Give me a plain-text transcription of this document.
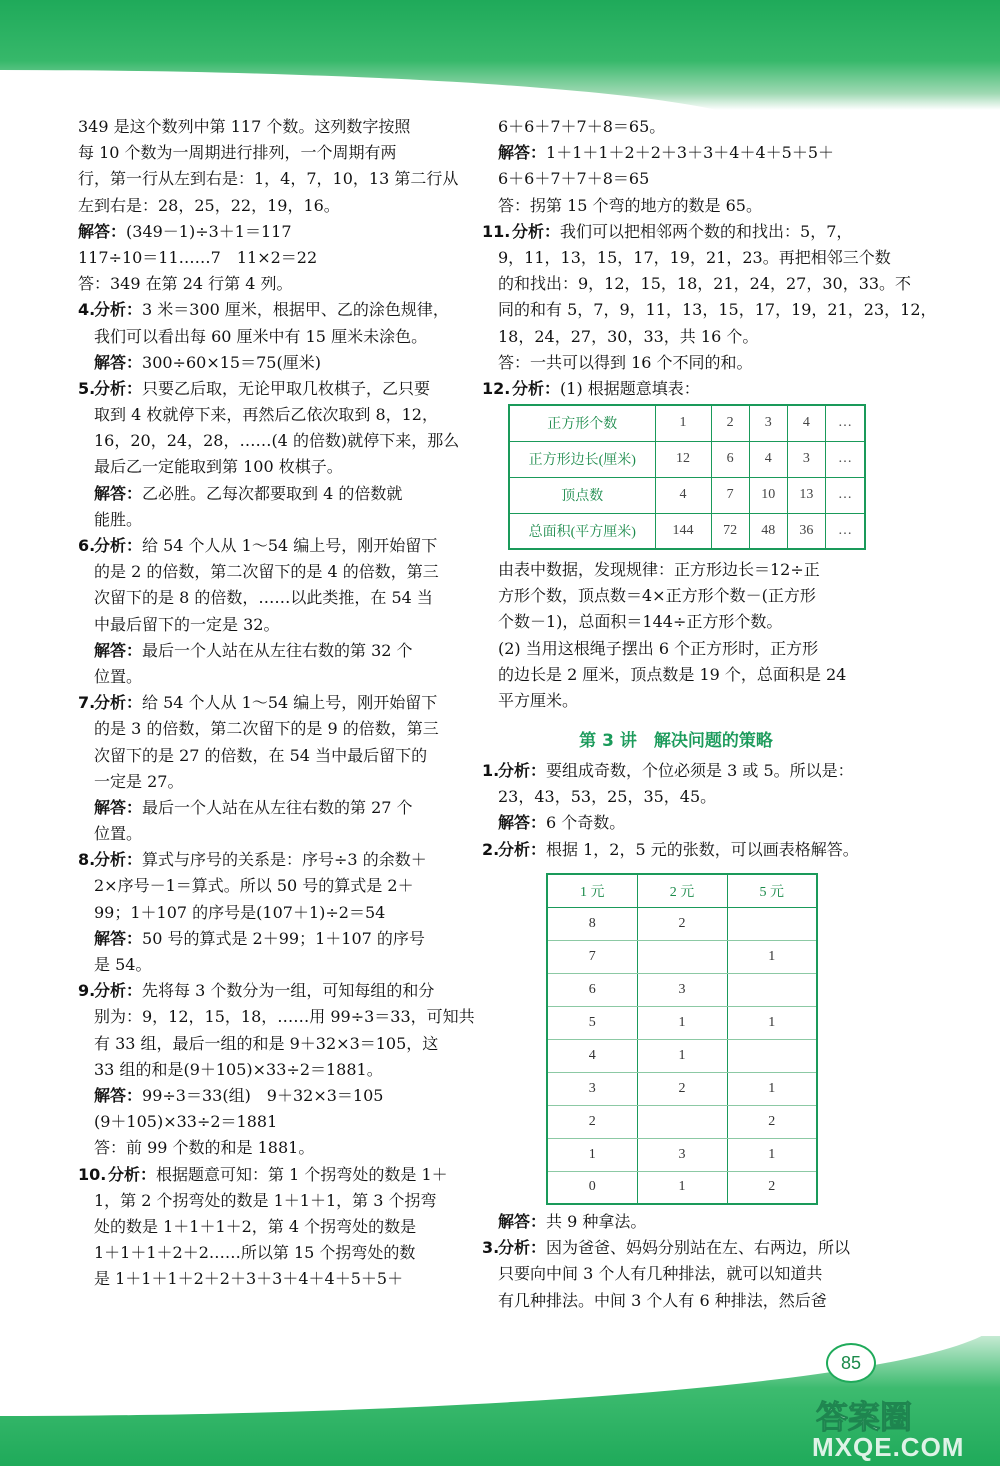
349 是这个数列中第 117 个数。这列数字按照
每 10 个数为一周期进行排列，一个周期有两
行，第一行从左到右是：1，4，7，10，13 第二行从
左到右是：28，25，22，19，16。
解答：(349－1)÷3＋1＝117
117÷10＝11……7　11×2＝22
答：349 在第 24 行第 4 列。
4.分析：3 米＝300 厘米，根据甲、乙的涂色规律，
我们可以看出每 60 厘米中有 15 厘米未涂色。
解答：300÷60×15＝75(厘米)
5.分析：只要乙后取，无论甲取几枚棋子，乙只要
取到 4 枚就停下来，再然后乙依次取到 8，12，
16，20，24，28，……(4 的倍数)就停下来，那么
最后乙一定能取到第 100 枚棋子。
解答：乙必胜。乙每次都要取到 4 的倍数就
能胜。
6.分析：给 54 个人从 1～54 编上号，刚开始留下
的是 2 的倍数，第二次留下的是 4 的倍数，第三
次留下的是 8 的倍数，……以此类推，在 54 当
中最后留下的一定是 32。
解答：最后一个人站在从左往右数的第 32 个
位置。
7.分析：给 54 个人从 1～54 编上号，刚开始留下
的是 3 的倍数，第二次留下的是 9 的倍数，第三
次留下的是 27 的倍数，在 54 当中最后留下的
一定是 27。
解答：最后一个人站在从左往右数的第 27 个
位置。
8.分析：算式与序号的关系是：序号÷3 的余数＋
2×序号－1＝算式。所以 50 号的算式是 2＋
99；1＋107 的序号是(107＋1)÷2＝54
解答：50 号的算式是 2＋99；1＋107 的序号
是 54。
9.分析：先将每 3 个数分为一组，可知每组的和分
别为：9，12，15，18，……用 99÷3＝33，可知共
有 33 组，最后一组的和是 9＋32×3＝105，这
33 组的和是(9＋105)×33÷2＝1881。
解答：99÷3＝33(组)　9＋32×3＝105
(9＋105)×33÷2＝1881
答：前 99 个数的和是 1881。
10. 分析：根据题意可知：第 1 个拐弯处的数是 1＋
1，第 2 个拐弯处的数是 1＋1＋1，第 3 个拐弯
处的数是 1＋1＋1＋2，第 4 个拐弯处的数是
1＋1＋1＋2＋2……所以第 15 个拐弯处的数
是 1＋1＋1＋2＋2＋3＋3＋4＋4＋5＋5＋
6＋6＋7＋7＋8＝65。
解答：1＋1＋1＋2＋2＋3＋3＋4＋4＋5＋5＋
6＋6＋7＋7＋8＝65
答：拐第 15 个弯的地方的数是 65。
11. 分析：我们可以把相邻两个数的和找出：5，7，
9，11，13，15，17，19，21，23。再把相邻三个数
的和找出：9，12，15，18，21，24，27，30，33。不
同的和有 5，7，9，11，13，15，17，19，21，23，12，
18，24，27，30，33，共 16 个。
答：一共可以得到 16 个不同的和。
12. 分析：(1) 根据题意填表：
正方形个数	1	2	3	4	…
正方形边长(厘米)	12	6	4	3	…
顶点数	4	7	10	13	…
总面积(平方厘米)	144	72	48	36	…
由表中数据，发现规律：正方形边长＝12÷正
方形个数，顶点数＝4×正方形个数－(正方形
个数－1)，总面积＝144÷正方形个数。
(2) 当用这根绳子摆出 6 个正方形时，正方形
的边长是 2 厘米，顶点数是 19 个，总面积是 24
平方厘米。
第 3 讲　解决问题的策略
1.分析：要组成奇数，个位必须是 3 或 5。所以是：
23，43，53，25，35，45。
解答：6 个奇数。
2.分析：根据 1，2，5 元的张数，可以画表格解答。
1 元	2 元	5 元
8	2	
7		1
6	3	
5	1	1
4	1	
3	2	1
2		2
1	3	1
0	1	2
解答：共 9 种拿法。
3.分析：因为爸爸、妈妈分别站在左、右两边，所以
只要向中间 3 个人有几种排法，就可以知道共
有几种排法。中间 3 个人有 6 种排法，然后爸
85
答案圈
MXQE.COM
